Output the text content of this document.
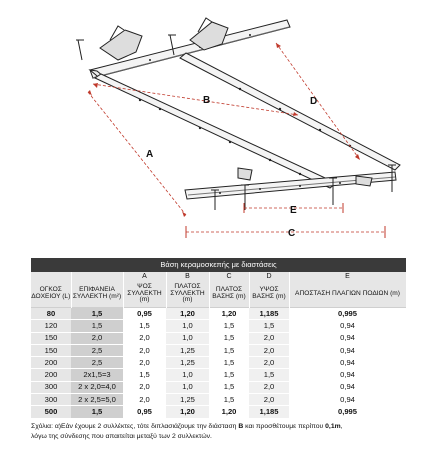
A
B
C
D
E
Βάση κεραμοσκεπής με διαστάσεις						
		A	B	C	D	E
ΟΓΚΟΣ ΔΟΧΕΙΟΥ (L)	ΕΠΙΦΑΝΕΙΑ ΣΥΛΛΕΚΤΗ (m²)	ΨΟΣ ΣΥΛΛΕΚΤΗ (m)	ΠΛΑΤΟΣ ΣΥΛΛΕΚΤΗ (m)	ΠΛΑΤΟΣ ΒΑΣΗΣ (m)	ΥΨΟΣ ΒΑΣΗΣ (m)	ΑΠΟΣΤΑΣΗ ΠΛΑΓΙΩΝ ΠΟΔΙΩΝ (m)
80	1,5	0,95	1,20	1,20	1,185	0,995
120	1,5	1,5	1,0	1,5	1,5	0,94
150	2,0	2,0	1,0	1,5	2,0	0,94
150	2,5	2,0	1,25	1,5	2,0	0,94
200	2,5	2,0	1,25	1,5	2,0	0,94
200	2x1,5=3	1,5	1,0	1,5	1,5	0,94
300	2 x 2,0=4,0	2,0	1,0	1,5	2,0	0,94
300	2 x 2,5=5,0	2,0	1,25	1,5	2,0	0,94
500	1,5	0,95	1,20	1,20	1,185	0,995
Σχόλια: α)Εάν έχουμε 2 συλλέκτες, τότε διπλασιάζουμε την διάσταση B και προσθέτουμε περίπου 0,1m,
λόγω της σύνδεσης που απαιτείται μεταξύ των 2 συλλεκτών.
